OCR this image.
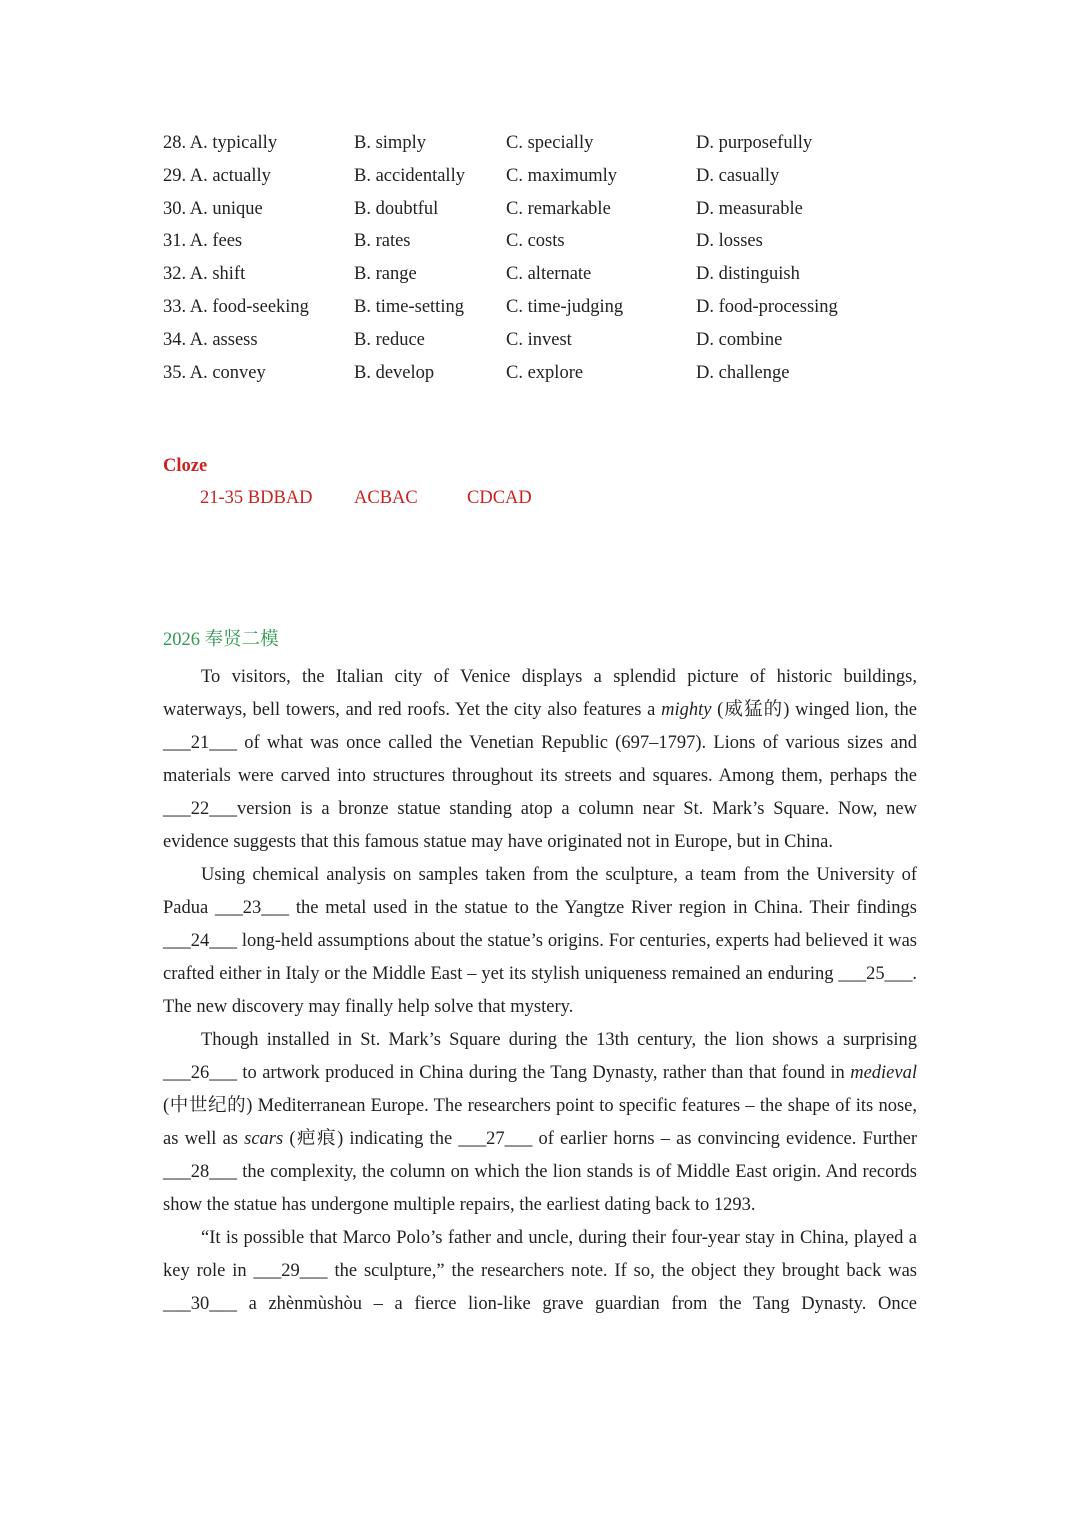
28. A. typically	B. simply	C. specially	D. purposefully
29. A. actually	B. accidentally C. maximumly	D. casually
30. A. unique	B. doubtful	C. remarkable	D. measurable
31. A. fees	B. rates	C. costs	D. losses
32. A. shift	B. range	C. alternate	D. distinguish
33. A. food-seeking B. time-setting C. time-judging	D. food-processing
34. A. assess	B. reduce	C. invest	D. combine
35. A. convey	B. develop	C. explore	D. challenge
Cloze
21-35 BDBAD ACBAC	CDCAD
2026 奉贤二模

To visitors, the Italian city of Venice displays a splendid picture of historic buildings, waterways, bell towers, and red roofs. Yet the city also features a mighty (威猛的) winged lion, the ___21___ of what was once called the Venetian Republic (697–1797). Lions of various sizes and materials were carved into structures throughout its streets and squares. Among them, perhaps the ___22___version is a bronze statue standing atop a column near St. Mark’s Square. Now, new evidence suggests that this famous statue may have originated not in Europe, but in China.

Using chemical analysis on samples taken from the sculpture, a team from the University of Padua ___23___ the metal used in the statue to the Yangtze River region in China. Their findings ___24___ long-held assumptions about the statue’s origins. For centuries, experts had believed it was crafted either in Italy or the Middle East – yet its stylish uniqueness remained an enduring ___25___. The new discovery may finally help solve that mystery.

Though installed in St. Mark’s Square during the 13th century, the lion shows a surprising ___26___ to artwork produced in China during the Tang Dynasty, rather than that found in medieval (中世纪的) Mediterranean Europe. The researchers point to specific features – the shape of its nose, as well as scars (疤痕) indicating the ___27___ of earlier horns – as convincing evidence. Further ___28___ the complexity, the column on which the lion stands is of Middle East origin. And records show the statue has undergone multiple repairs, the earliest dating back to 1293.

“It is possible that Marco Polo’s father and uncle, during their four-year stay in China, played a key role in ___29___ the sculpture,” the researchers note. If so, the object they brought back was ___30___ a zhènmùshòu – a fierce lion-like grave guardian from the Tang Dynasty. Once
